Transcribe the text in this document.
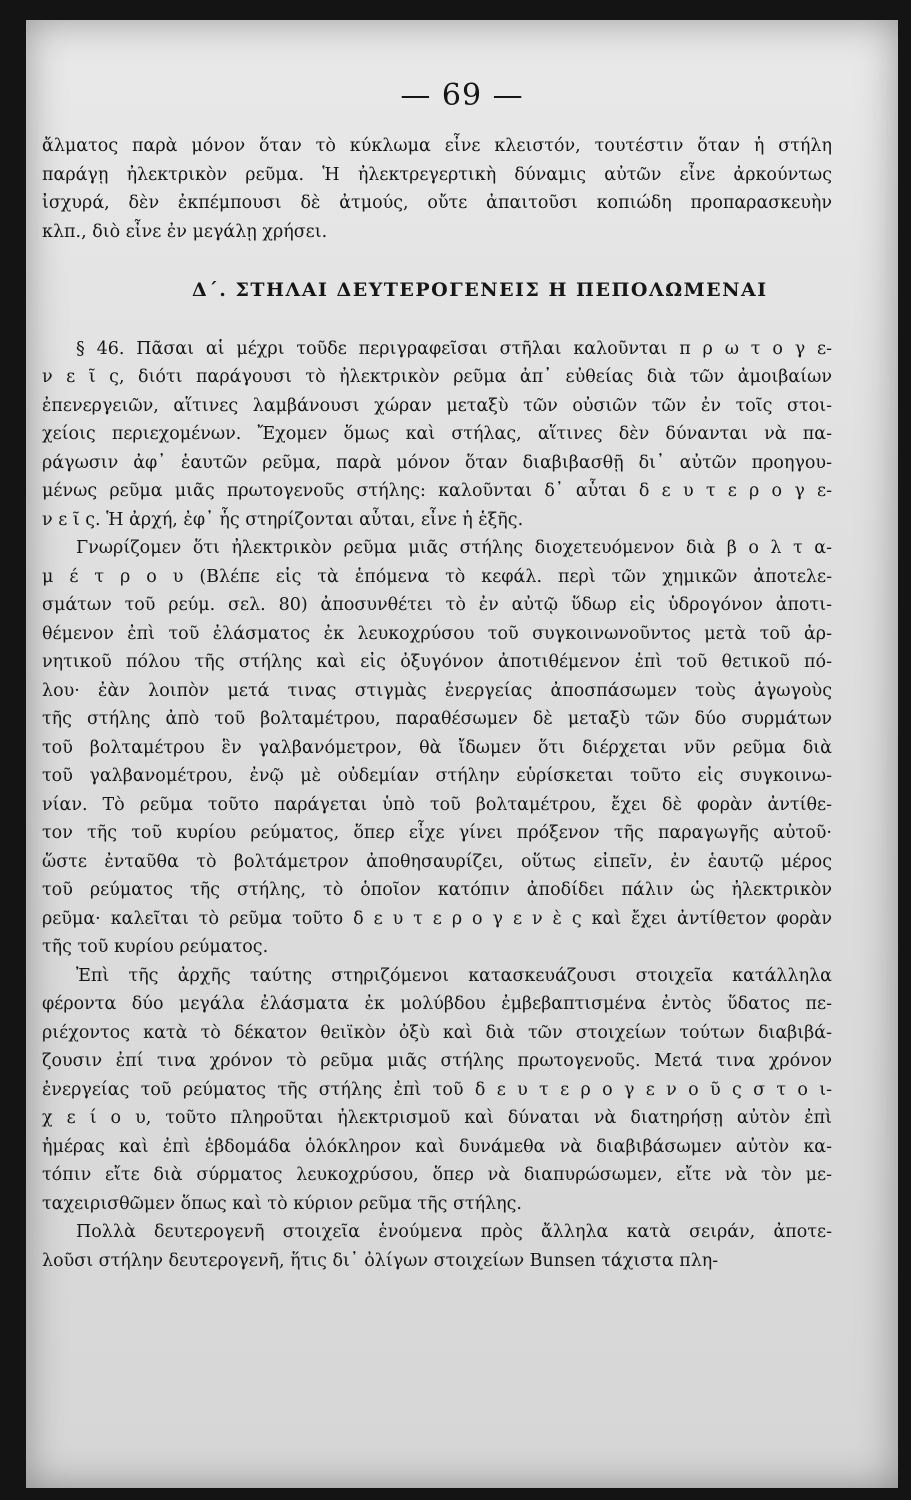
— 69 —
ἄλματος παρὰ μόνον ὅταν τὸ κύκλωμα εἶνε κλειστόν, τουτέστιν ὅταν ἡ στήλη
παράγῃ ἠλεκτρικὸν ρεῦμα. Ἡ ἠλεκτρεγερτικὴ δύναμις αὐτῶν εἶνε ἀρκούντως
ἰσχυρά, δὲν ἐκπέμπουσι δὲ ἀτμούς, οὔτε ἀπαιτοῦσι κοπιώδη προπαρασκευὴν
κλπ., διὸ εἶνε ἐν μεγάλῃ χρήσει.
Δ΄. ΣΤΗΛΑΙ ΔΕΥΤΕΡΟΓΕΝΕΙΣ Η ΠΕΠΟΛΩΜΕΝΑΙ
§ 46. Πᾶσαι αἱ μέχρι τοῦδε περιγραφεῖσαι στῆλαι καλοῦνται π ρ ω τ ο γ ε-
ν ε ῖ ς, διότι παράγουσι τὸ ἠλεκτρικὸν ρεῦμα ἀπ᾿ εὐθείας διὰ τῶν ἀμοιβαίων
ἐπενεργειῶν, αἵτινες λαμβάνουσι χώραν μεταξὺ τῶν οὐσιῶν τῶν ἐν τοῖς στοι-
χείοις περιεχομένων. Ἔχομεν ὅμως καὶ στήλας, αἵτινες δὲν δύνανται νὰ πα-
ράγωσιν ἀφ᾿ ἑαυτῶν ρεῦμα, παρὰ μόνον ὅταν διαβιβασθῇ δι᾿ αὐτῶν προηγου-
μένως ρεῦμα μιᾶς πρωτογενοῦς στήλης: καλοῦνται δ᾿ αὗται δ ε υ τ ε ρ ο γ ε-
ν ε ῖ ς. Ἡ ἀρχή, ἐφ᾿ ἧς στηρίζονται αὗται, εἶνε ἡ ἑξῆς.
Γνωρίζομεν ὅτι ἠλεκτρικὸν ρεῦμα μιᾶς στήλης διοχετευόμενον διὰ β ο λ τ α-
μ έ τ ρ ο υ (Βλέπε εἰς τὰ ἑπόμενα τὸ κεφάλ. περὶ τῶν χημικῶν ἀποτελε-
σμάτων τοῦ ρεύμ. σελ. 80) ἀποσυνθέτει τὸ ἐν αὐτῷ ὕδωρ εἰς ὑδρογόνον ἀποτι-
θέμενον ἐπὶ τοῦ ἐλάσματος ἐκ λευκοχρύσου τοῦ συγκοινωνοῦντος μετὰ τοῦ ἀρ-
νητικοῦ πόλου τῆς στήλης καὶ εἰς ὀξυγόνον ἀποτιθέμενον ἐπὶ τοῦ θετικοῦ πό-
λου· ἐὰν λοιπὸν μετά τινας στιγμὰς ἐνεργείας ἀποσπάσωμεν τοὺς ἀγωγοὺς
τῆς στήλης ἀπὸ τοῦ βολταμέτρου, παραθέσωμεν δὲ μεταξὺ τῶν δύο συρμάτων
τοῦ βολταμέτρου ἓν γαλβανόμετρον, θὰ ἴδωμεν ὅτι διέρχεται νῦν ρεῦμα διὰ
τοῦ γαλβανομέτρου, ἐνῷ μὲ οὐδεμίαν στήλην εὑρίσκεται τοῦτο εἰς συγκοινω-
νίαν. Τὸ ρεῦμα τοῦτο παράγεται ὑπὸ τοῦ βολταμέτρου, ἔχει δὲ φορὰν ἀντίθε-
τον τῆς τοῦ κυρίου ρεύματος, ὅπερ εἶχε γίνει πρόξενον τῆς παραγωγῆς αὐτοῦ·
ὥστε ἐνταῦθα τὸ βολτάμετρον ἀποθησαυρίζει, οὕτως εἰπεῖν, ἐν ἑαυτῷ μέρος
τοῦ ρεύματος τῆς στήλης, τὸ ὁποῖον κατόπιν ἀποδίδει πάλιν ὡς ἠλεκτρικὸν
ρεῦμα· καλεῖται τὸ ρεῦμα τοῦτο δ ε υ τ ε ρ ο γ ε ν ὲ ς καὶ ἔχει ἀντίθετον φορὰν
τῆς τοῦ κυρίου ρεύματος.
Ἐπὶ τῆς ἀρχῆς ταύτης στηριζόμενοι κατασκευάζουσι στοιχεῖα κατάλληλα
φέροντα δύο μεγάλα ἐλάσματα ἐκ μολύβδου ἐμβεβαπτισμένα ἐντὸς ὕδατος πε-
ριέχοντος κατὰ τὸ δέκατον θειϊκὸν ὀξὺ καὶ διὰ τῶν στοιχείων τούτων διαβιβά-
ζουσιν ἐπί τινα χρόνον τὸ ρεῦμα μιᾶς στήλης πρωτογενοῦς. Μετά τινα χρόνον
ἐνεργείας τοῦ ρεύματος τῆς στήλης ἐπὶ τοῦ δ ε υ τ ε ρ ο γ ε ν ο ῦ ς σ τ ο ι-
χ ε ί ο υ, τοῦτο πληροῦται ἠλεκτρισμοῦ καὶ δύναται νὰ διατηρήσῃ αὐτὸν ἐπὶ
ἡμέρας καὶ ἐπὶ ἑβδομάδα ὁλόκληρον καὶ δυνάμεθα νὰ διαβιβάσωμεν αὐτὸν κα-
τόπιν εἴτε διὰ σύρματος λευκοχρύσου, ὅπερ νὰ διαπυρώσωμεν, εἴτε νὰ τὸν με-
ταχειρισθῶμεν ὅπως καὶ τὸ κύριον ρεῦμα τῆς στήλης.
Πολλὰ δευτερογενῆ στοιχεῖα ἑνούμενα πρὸς ἄλληλα κατὰ σειράν, ἀποτε-
λοῦσι στήλην δευτερογενῆ, ἥτις δι᾿ ὀλίγων στοιχείων Bunsen τάχιστα πλη-
